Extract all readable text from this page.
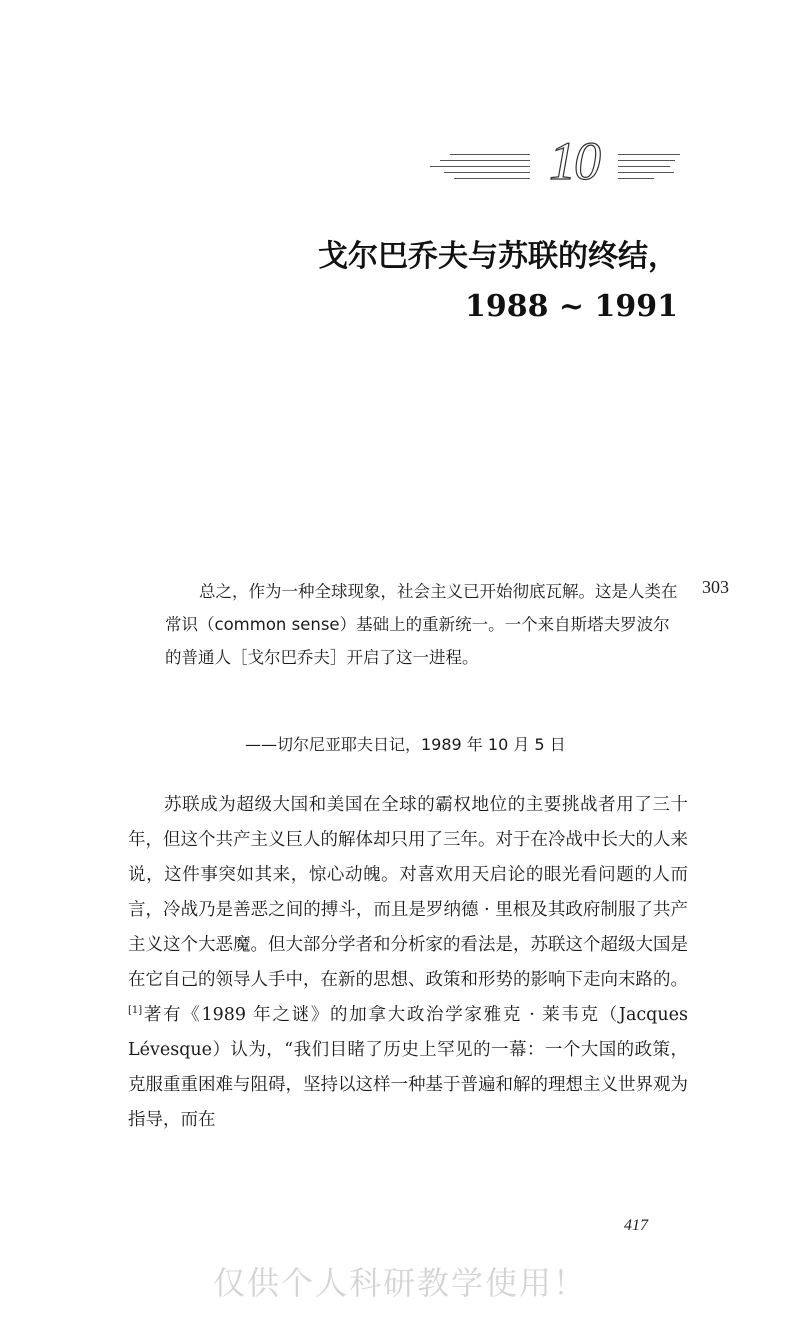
10
戈尔巴乔夫与苏联的终结，
1988 ~ 1991
303

总之，作为一种全球现象，社会主义已开始彻底瓦解。这是人类在常识（common sense）基础上的重新统一。一个来自斯塔夫罗波尔的普通人［戈尔巴乔夫］开启了这一进程。

——切尔尼亚耶夫日记，1989 年 10 月 5 日

苏联成为超级大国和美国在全球的霸权地位的主要挑战者用了三十年，但这个共产主义巨人的解体却只用了三年。对于在冷战中长大的人来说，这件事突如其来，惊心动魄。对喜欢用天启论的眼光看问题的人而言，冷战乃是善恶之间的搏斗，而且是罗纳德 · 里根及其政府制服了共产主义这个大恶魔。但大部分学者和分析家的看法是，苏联这个超级大国是在它自己的领导人手中，在新的思想、政策和形势的影响下走向末路的。[1]著有《1989 年之谜》的加拿大政治学家雅克 · 莱韦克（Jacques Lévesque）认为，“我们目睹了历史上罕见的一幕：一个大国的政策，克服重重困难与阻碍，坚持以这样一种基于普遍和解的理想主义世界观为指导，而在

417
仅供个人科研教学使用！
